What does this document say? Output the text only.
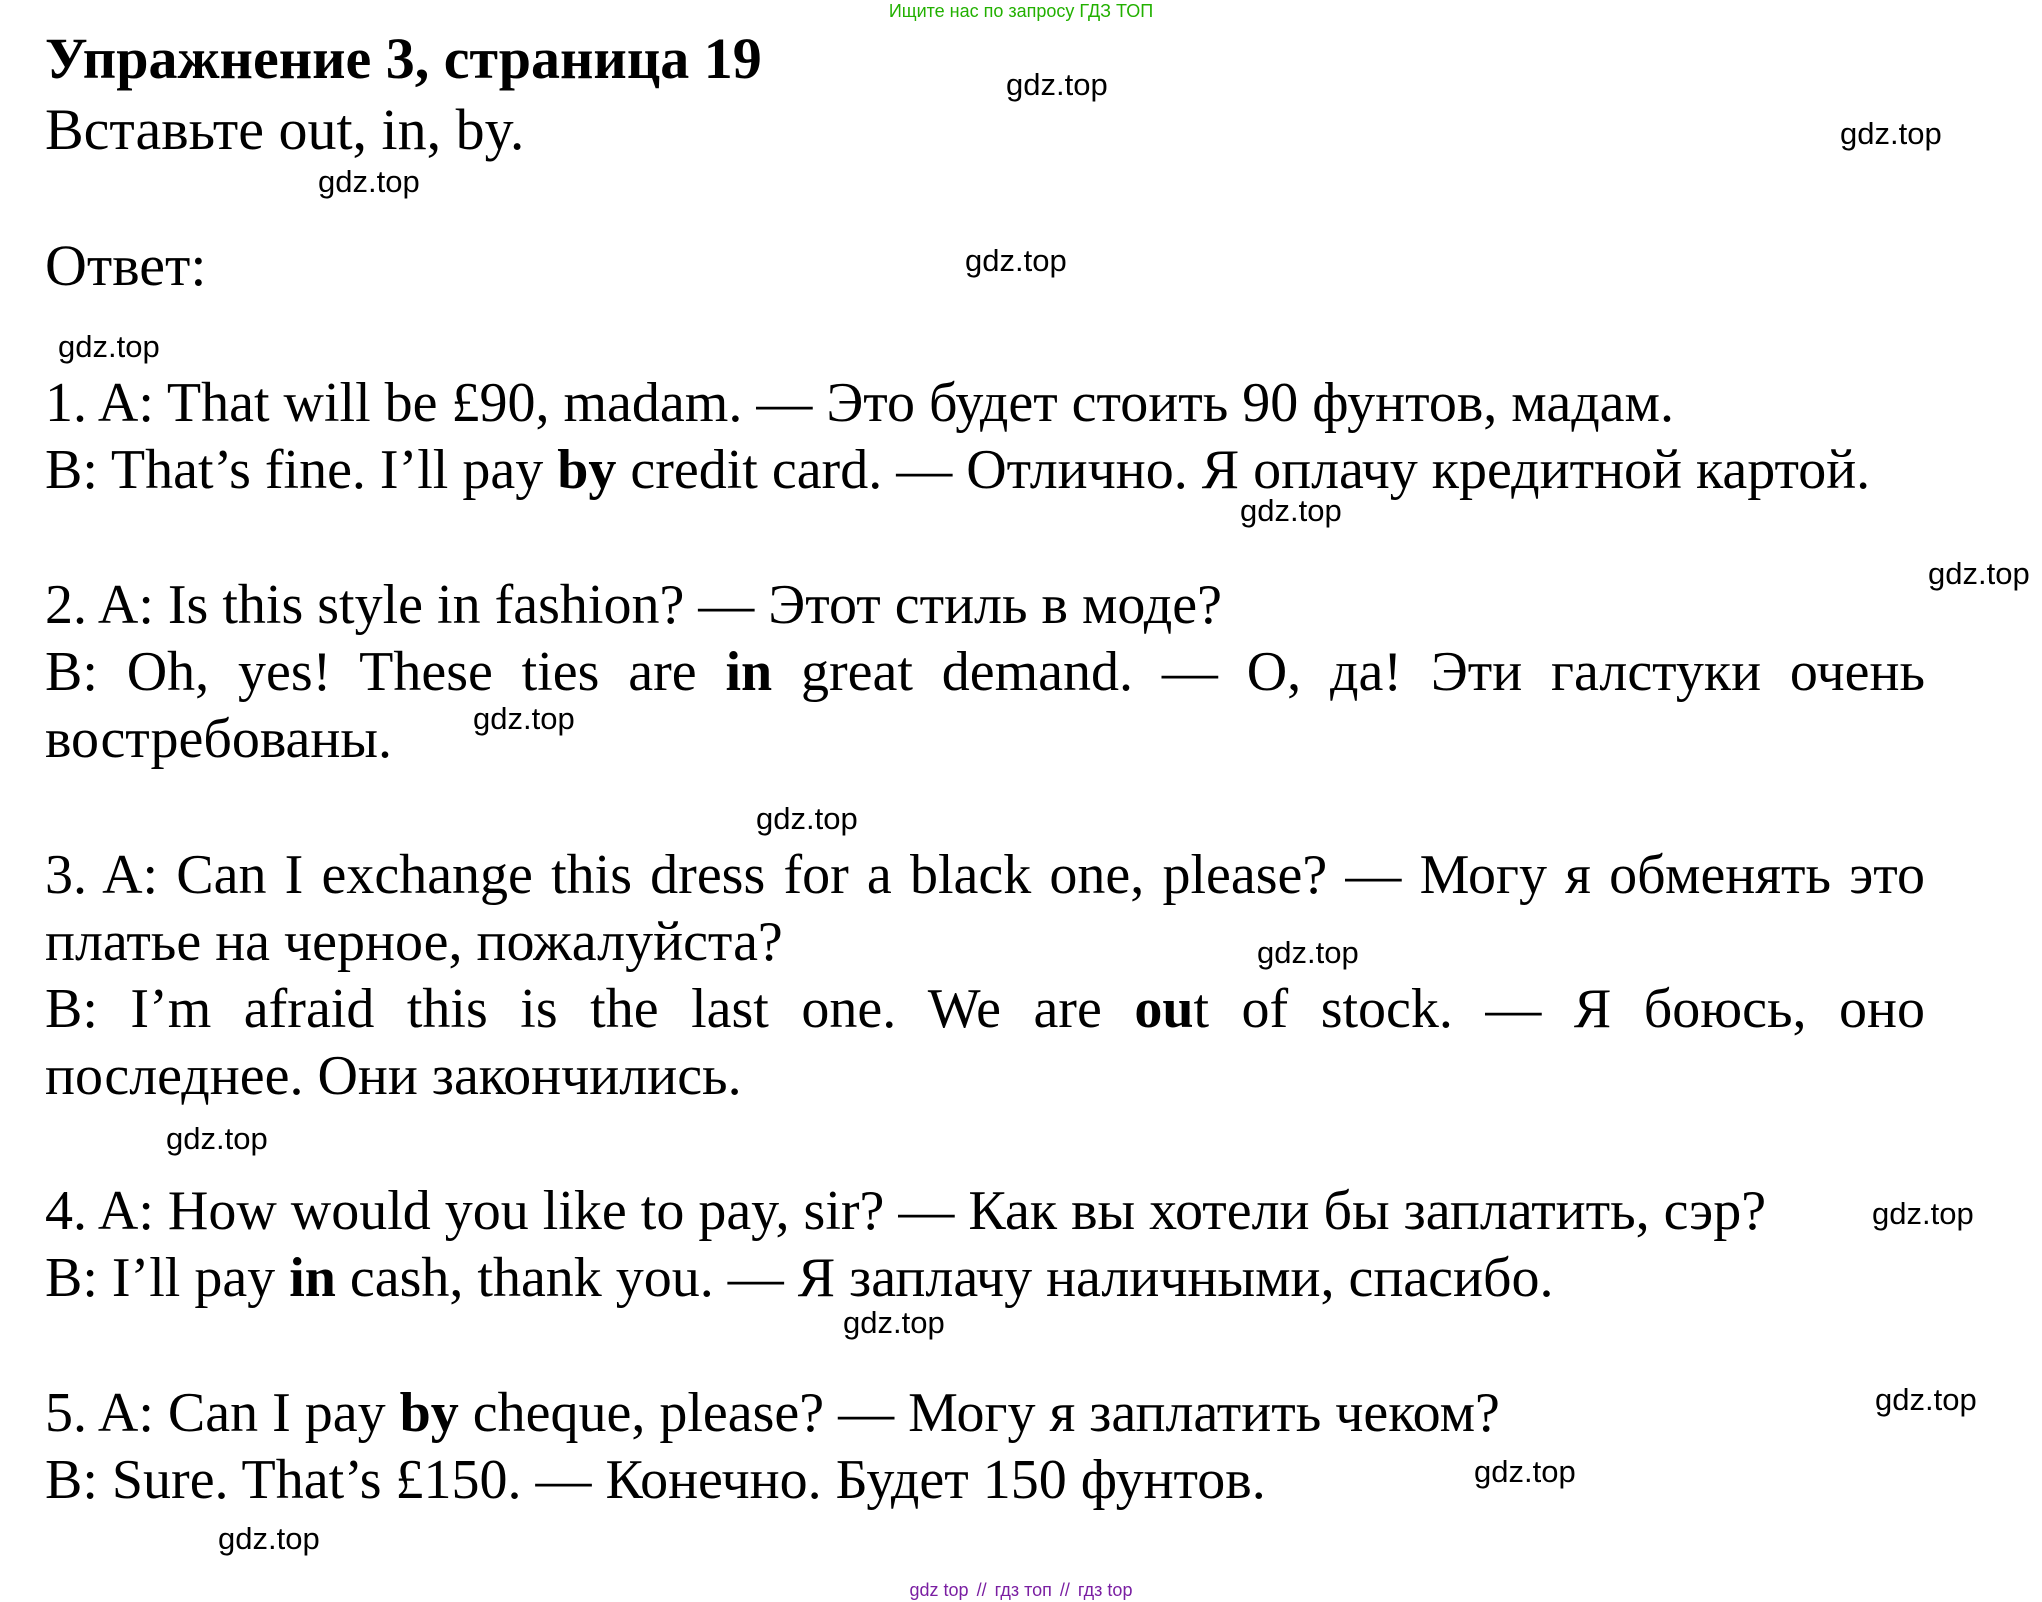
Ищите нас по запросу ГДЗ ТОП
Упражнение 3, страница 19
Вставьте out, in, by.
Ответ:
1. A: That will be £90, madam. — Это будет стоить 90 фунтов, мадам.
B: That’s fine. I’ll pay by credit card. — Отлично. Я оплачу кредитной картой.
2. A: Is this style in fashion? — Этот стиль в моде?
B: Oh, yes! These ties are in great demand. — О, да! Эти галстуки очень
востребованы.
3. A: Can I exchange this dress for a black one, please? — Могу я обменять это
платье на черное, пожалуйста?
B: I’m afraid this is the last one. We are out of stock. — Я боюсь, оно
последнее. Они закончились.
4. A: How would you like to pay, sir? — Как вы хотели бы заплатить, сэр?
B: I’ll pay in cash, thank you. — Я заплачу наличными, спасибо.
5. A: Can I pay by cheque, please? — Могу я заплатить чеком?
B: Sure. That’s £150. — Конечно. Будет 150 фунтов.
gdz.top
gdz.top
gdz.top
gdz.top
gdz.top
gdz.top
gdz.top
gdz.top
gdz.top
gdz.top
gdz.top
gdz.top
gdz.top
gdz.top
gdz.top
gdz.top
gdz top // гдз топ // гдз top
